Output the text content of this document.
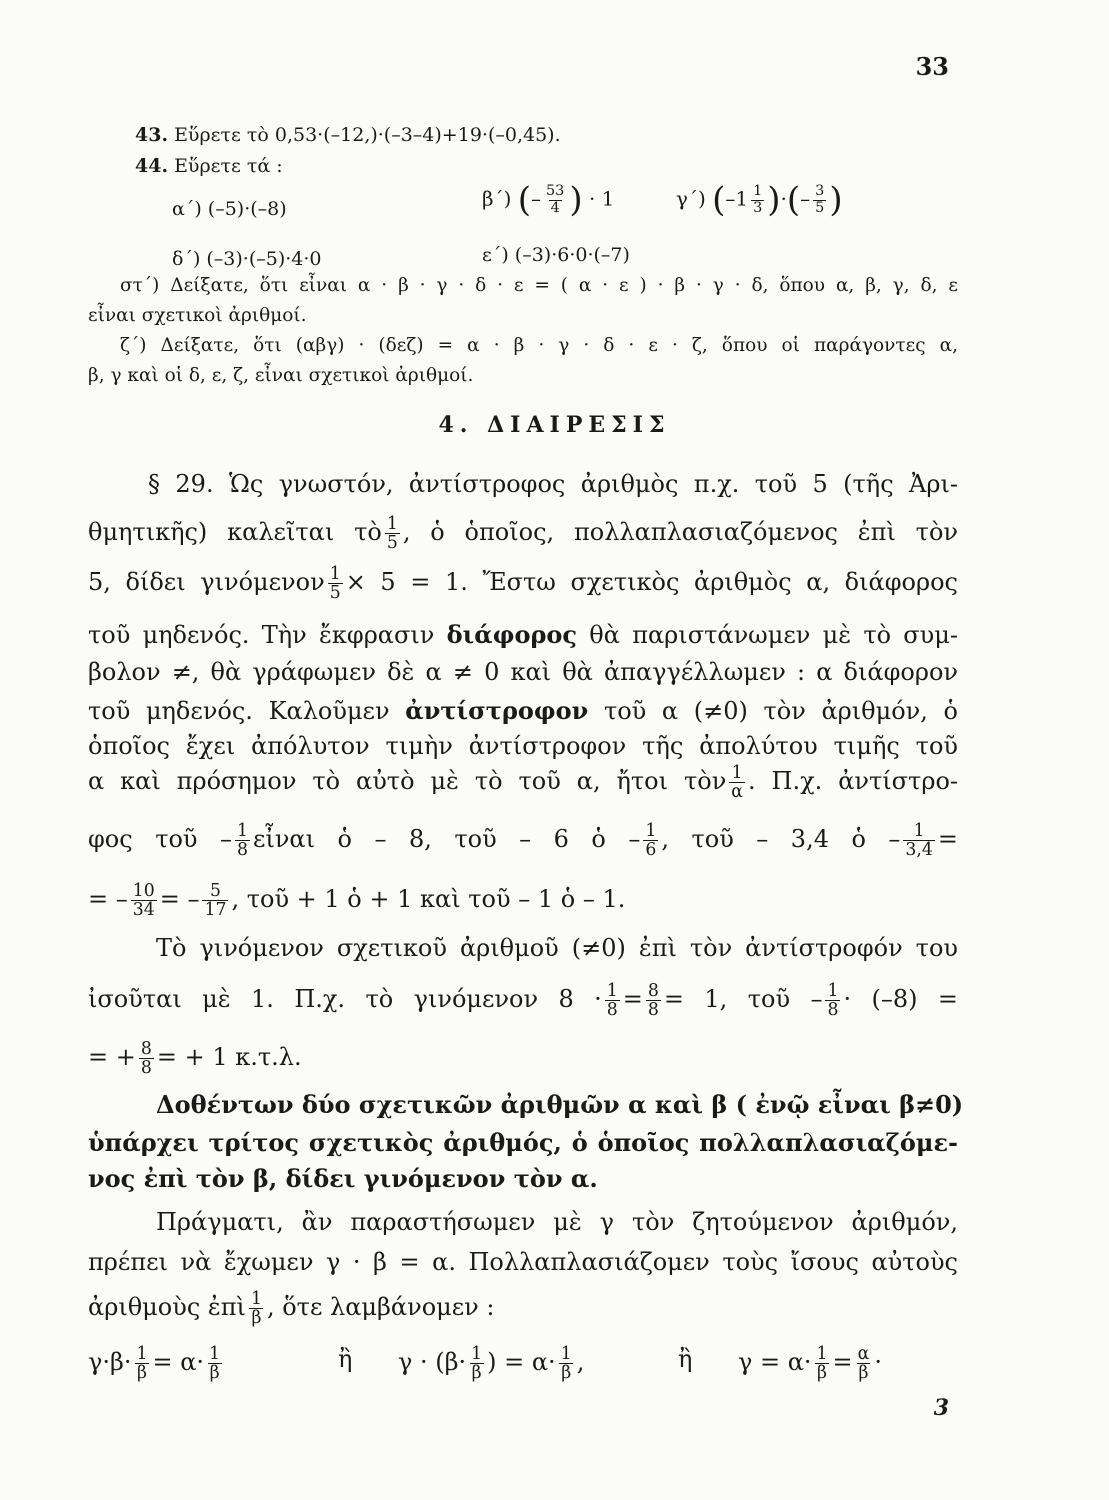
33
43. Εὕρετε τὸ 0,53·(–12,)·(–3–4)+19·(–0,45).
44. Εὕρετε τά :
α΄) (–5)·(–8)	β΄) (– $\frac{53}{4}$ ) · 1	γ΄) ($-1 \frac{1}{3}$ )·(– $\frac{3}{5}$ )
δ΄) (–3)·(–5)·4·0	ε΄) (–3)·6·0·(–7)
στ΄) Δείξατε, ὅτι εἶναι α · β · γ · δ · ε = ( α · ε ) · β · γ · δ, ὅπου α, β, γ, δ, ε
εἶναι σχετικοὶ ἀριθμοί.
ζ΄) Δείξατε, ὅτι (αβγ) · (δεζ) = α · β · γ · δ · ε · ζ, ὅπου οἱ παράγοντες α,
β, γ καὶ οἱ δ, ε, ζ, εἶναι σχετικοὶ ἀριθμοί.
4. ΔΙΑΙΡΕΣΙΣ
§ 29. Ὡς γνωστόν, ἀντίστροφος ἀριθμὸς π.χ. τοῦ 5 (τῆς Ἀρι-
θμητικῆς) καλεῖται τὸ $\frac{1}{5}$ , ὁ ὁποῖος, πολλαπλασιαζόμενος ἐπὶ τὸν
5, δίδει γινόμενον $\frac{1}{5} \times 5 = 1$. Ἔστω σχετικὸς ἀριθμὸς α, διάφορος
τοῦ μηδενός. Τὴν ἔκφρασιν διάφορος θὰ παριστάνωμεν μὲ τὸ συμ-
βολον ≠, θὰ γράφωμεν δὲ α ≠ 0 καὶ θὰ ἀπαγγέλλωμεν : α διάφορον
τοῦ μηδενός. Καλοῦμεν ἀντίστροφον τοῦ α (≠0) τὸν ἀριθμόν, ὁ
ὁποῖος ἔχει ἀπόλυτον τιμὴν ἀντίστροφον τῆς ἀπολύτου τιμῆς τοῦ
α καὶ πρόσημον τὸ αὐτὸ μὲ τὸ τοῦ α, ἤτοι τὸν $\frac{1}{\alpha}$ . Π.χ. ἀντίστρο-
φος τοῦ – $\frac{1}{8}$ εἶναι ὁ – 8, τοῦ – 6 ὁ – $\frac{1}{6}$ , τοῦ – 3,4 ὁ – $\frac{1}{3,4}$ =
= – $\frac{10}{34}$ = – $\frac{5}{17}$ , τοῦ + 1 ὁ + 1 καὶ τοῦ – 1 ὁ – 1.
Τὸ γινόμενον σχετικοῦ ἀριθμοῦ (≠0) ἐπὶ τὸν ἀντίστροφόν του
ἰσοῦται μὲ 1. Π.χ. τὸ γινόμενον $8 \cdot \frac{1}{8} = \frac{8}{8} = 1$, τοῦ – $\frac{1}{8} \cdot (-8)$ =
= + $\frac{8}{8}$ = + 1 κ.τ.λ.
Δοθέντων δύο σχετικῶν ἀριθμῶν α καὶ β ( ἐνῷ εἶναι β≠0)
ὑπάρχει τρίτος σχετικὸς ἀριθμός, ὁ ὁποῖος πολλαπλασιαζόμε-
νος ἐπὶ τὸν β, δίδει γινόμενον τὸν α.
Πράγματι, ἂν παραστήσωμεν μὲ γ τὸν ζητούμενον ἀριθμόν,
πρέπει νὰ ἔχωμεν γ · β = α. Πολλαπλασιάζομεν τοὺς ἴσους αὐτοὺς
ἀριθμοὺς ἐπὶ $\frac{1}{\beta}$ , ὅτε λαμβάνομεν :
$\gamma\cdot\beta\cdot \frac{1}{\beta} = \alpha\cdot \frac{1}{\beta}$	ἢ $\gamma \cdot (\beta\cdot \frac{1}{\beta}$ ) = $\alpha\cdot \frac{1}{\beta}$ ,	ἢ $\gamma = \alpha\cdot \frac{1}{\beta} = \frac{\alpha}{\beta}$ ·
3
